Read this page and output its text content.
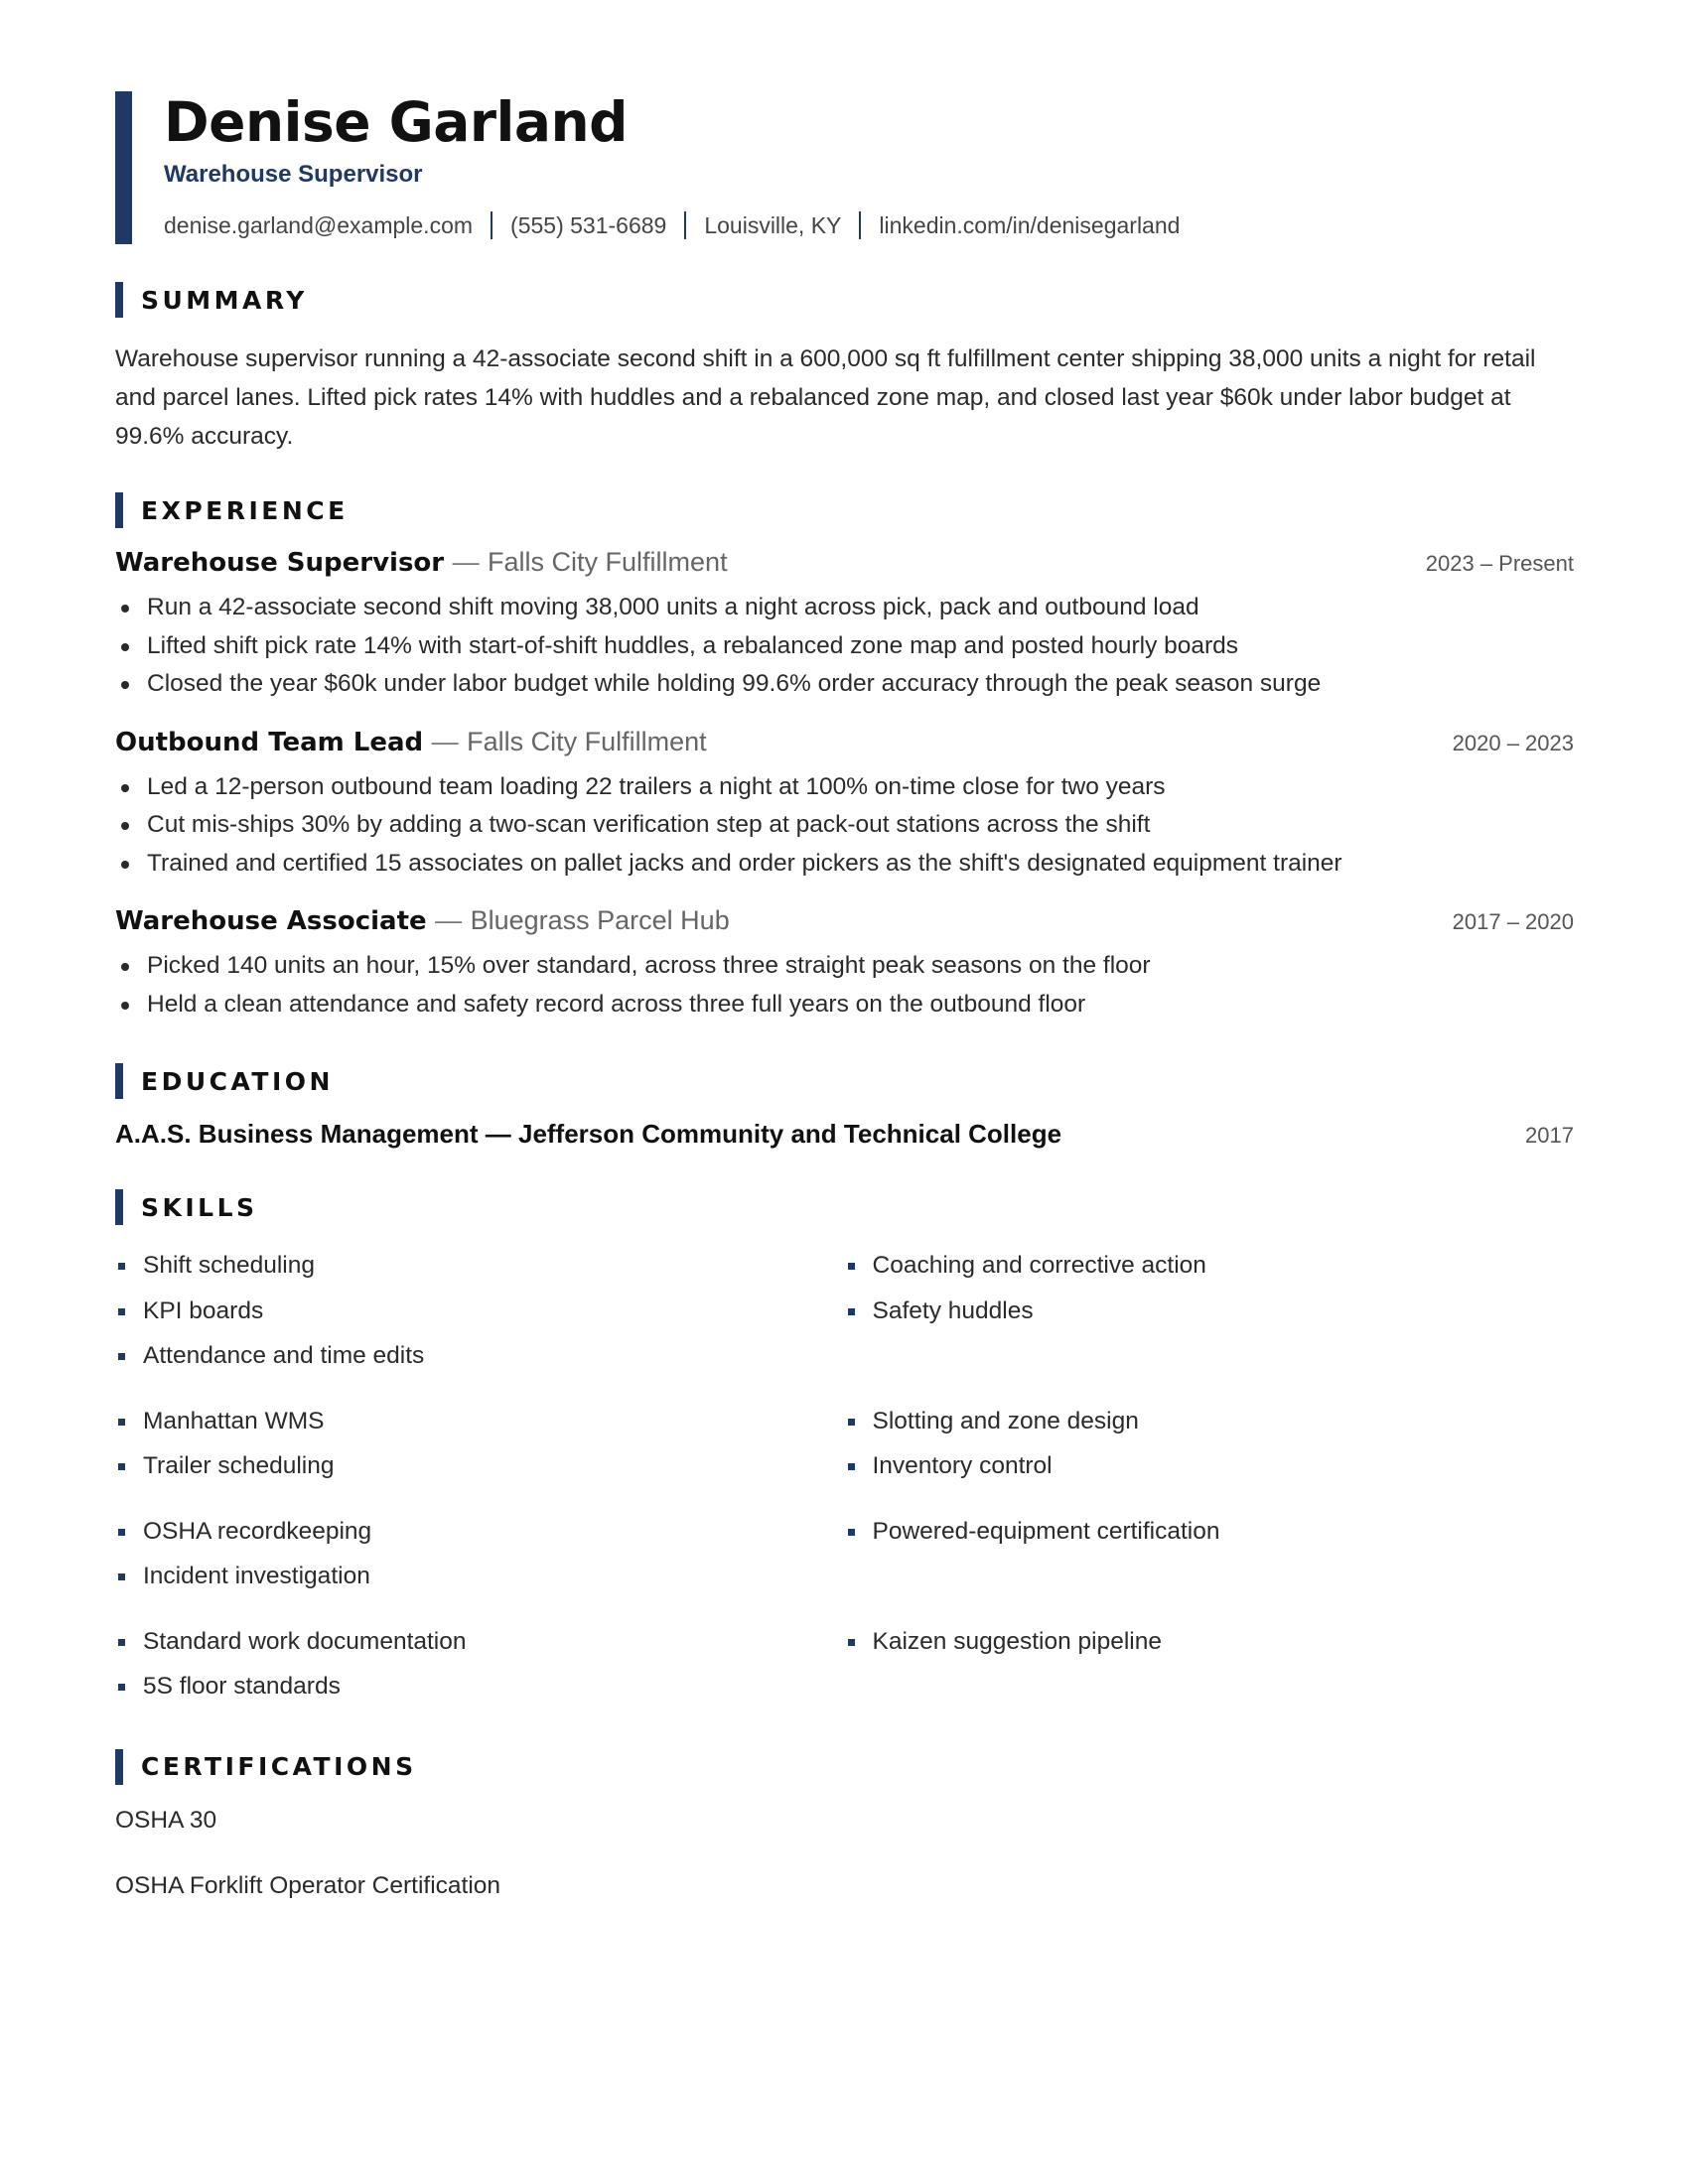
Denise Garland
Warehouse Supervisor
denise.garland@example.com (555) 531-6689 Louisville, KY linkedin.com/in/denisegarland
SUMMARY
Warehouse supervisor running a 42-associate second shift in a 600,000 sq ft fulfillment center shipping 38,000 units a night for retail and parcel lanes. Lifted pick rates 14% with huddles and a rebalanced zone map, and closed last year $60k under labor budget at 99.6% accuracy.
EXPERIENCE
Warehouse Supervisor — Falls City Fulfillment	2023 – Present
Run a 42-associate second shift moving 38,000 units a night across pick, pack and outbound load
Lifted shift pick rate 14% with start-of-shift huddles, a rebalanced zone map and posted hourly boards
Closed the year $60k under labor budget while holding 99.6% order accuracy through the peak season surge
Outbound Team Lead — Falls City Fulfillment	2020 – 2023
Led a 12-person outbound team loading 22 trailers a night at 100% on-time close for two years
Cut mis-ships 30% by adding a two-scan verification step at pack-out stations across the shift
Trained and certified 15 associates on pallet jacks and order pickers as the shift's designated equipment trainer
Warehouse Associate — Bluegrass Parcel Hub	2017 – 2020
Picked 140 units an hour, 15% over standard, across three straight peak seasons on the floor
Held a clean attendance and safety record across three full years on the outbound floor
EDUCATION
A.A.S. Business Management — Jefferson Community and Technical College	2017
SKILLS
Shift scheduling
KPI boards
Attendance and time edits
Coaching and corrective action
Safety huddles
Manhattan WMS
Trailer scheduling
Slotting and zone design
Inventory control
OSHA recordkeeping
Incident investigation
Powered-equipment certification
Standard work documentation
5S floor standards
Kaizen suggestion pipeline
CERTIFICATIONS
OSHA 30
OSHA Forklift Operator Certification
